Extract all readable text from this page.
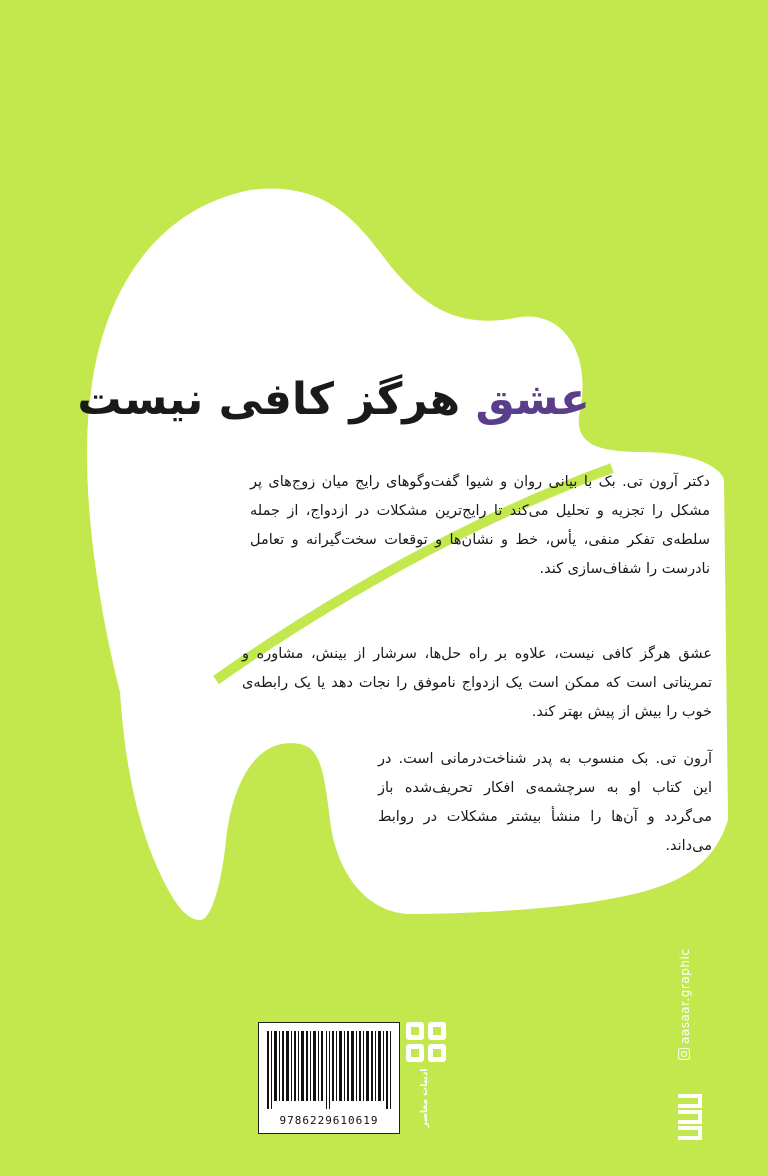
عشق هرگز کافی نیست
دکتر آرون تی. بک با بیانی روان و شیوا گفت‌وگوهای رایج میان زوج‌های پر مشکل را تجزیه و تحلیل می‌کند تا رایج‌ترین مشکلات در ازدواج، از جمله سلطه‌ی تفکر منفی، یأس، خط و نشان‌ها و توقعات سخت‌گیرانه و تعامل نادرست را شفاف‌سازی کند.
عشق هرگز کافی نیست، علاوه بر راه حل‌ها، سرشار از بینش، مشاوره و تمریناتی است که ممکن است یک ازدواج ناموفق را نجات دهد یا یک رابطه‌ی خوب را بیش از پیش بهتر کند.
آرون تی. بک منسوب به پدر شناخت‌درمانی است. در این کتاب او به سرچشمه‌ی افکار تحریف‌شده باز می‌گردد و آن‌ها را منشأ بیشتر مشکلات در روابط می‌داند.
9786229610619	ادبیات معاصر
aasaar.graphic
